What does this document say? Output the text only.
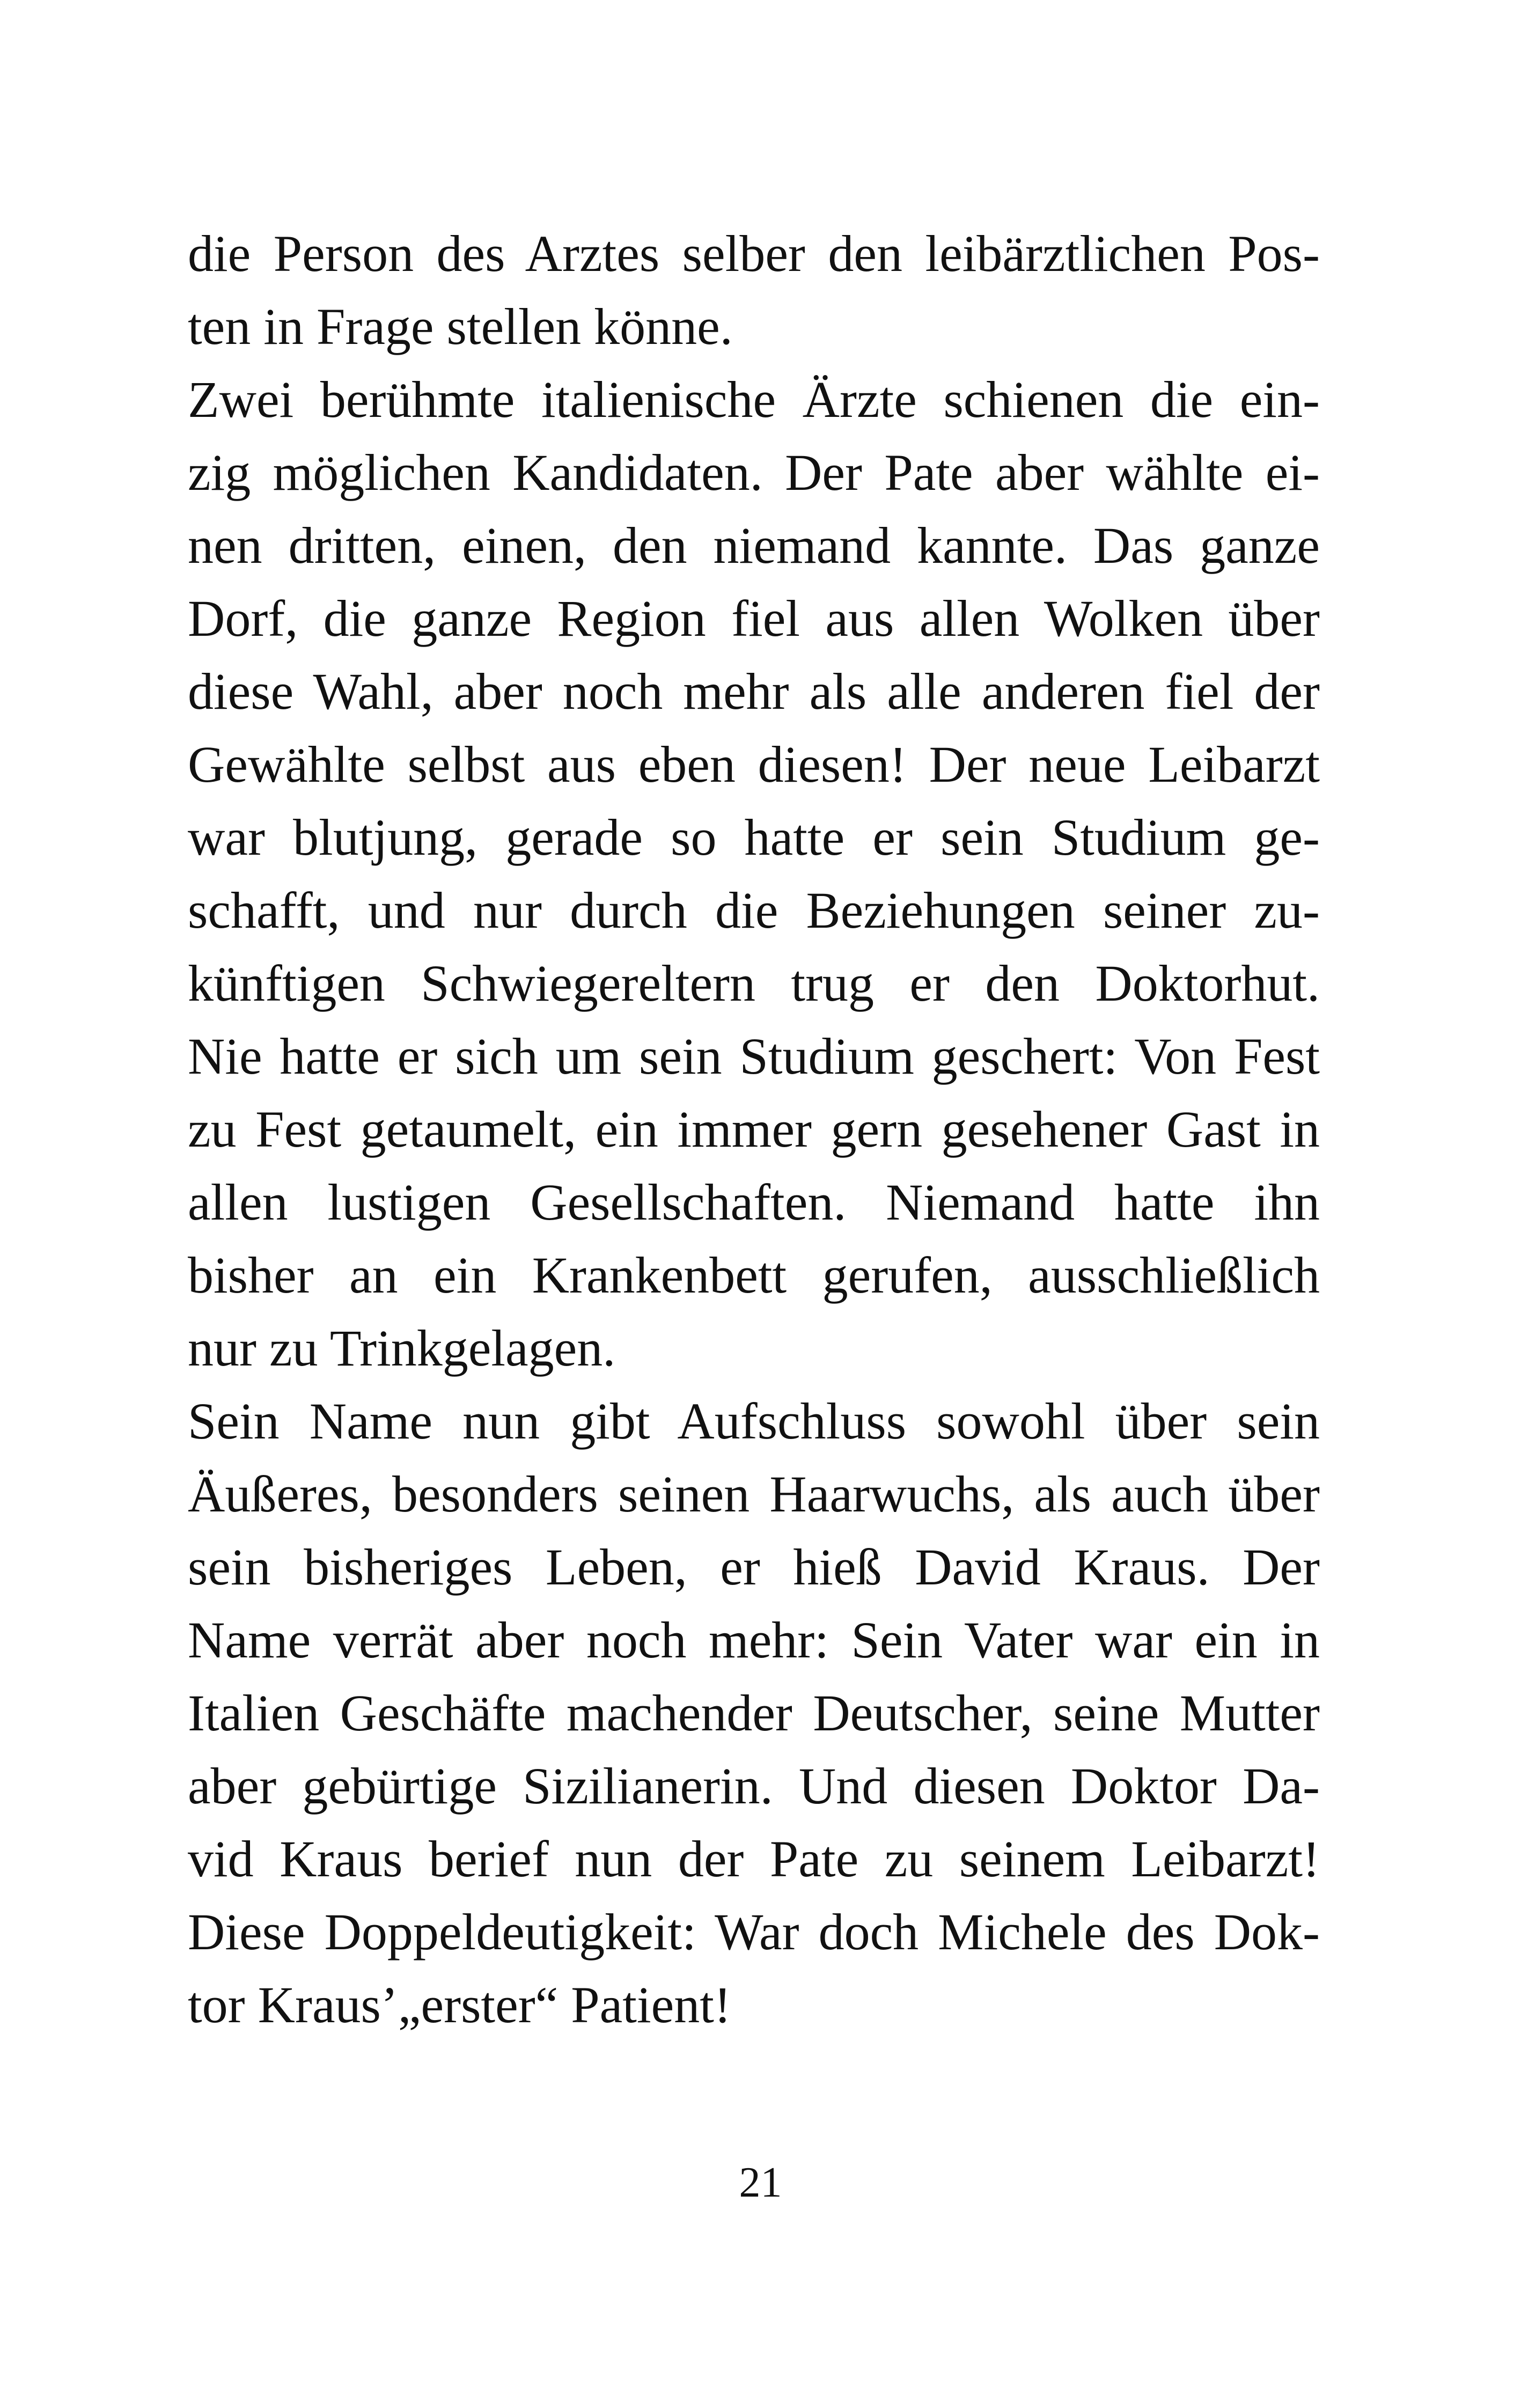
die Person des Arztes selber den leibärztlichen Pos-
ten in Frage stellen könne.
Zwei berühmte italienische Ärzte schienen die ein-
zig möglichen Kandidaten. Der Pate aber wählte ei-
nen dritten, einen, den niemand kannte. Das ganze
Dorf, die ganze Region fiel aus allen Wolken über
diese Wahl, aber noch mehr als alle anderen fiel der
Gewählte selbst aus eben diesen! Der neue Leibarzt
war blutjung, gerade so hatte er sein Studium ge-
schafft, und nur durch die Beziehungen seiner zu-
künftigen Schwiegereltern trug er den Doktorhut.
Nie hatte er sich um sein Studium geschert: Von Fest
zu Fest getaumelt, ein immer gern gesehener Gast in
allen lustigen Gesellschaften. Niemand hatte ihn
bisher an ein Krankenbett gerufen, ausschließlich
nur zu Trinkgelagen.
Sein Name nun gibt Aufschluss sowohl über sein
Äußeres, besonders seinen Haarwuchs, als auch über
sein bisheriges Leben, er hieß David Kraus. Der
Name verrät aber noch mehr: Sein Vater war ein in
Italien Geschäfte machender Deutscher, seine Mutter
aber gebürtige Sizilianerin. Und diesen Doktor Da-
vid Kraus berief nun der Pate zu seinem Leibarzt!
Diese Doppeldeutigkeit: War doch Michele des Dok-
tor Kraus’„erster“ Patient!
21
